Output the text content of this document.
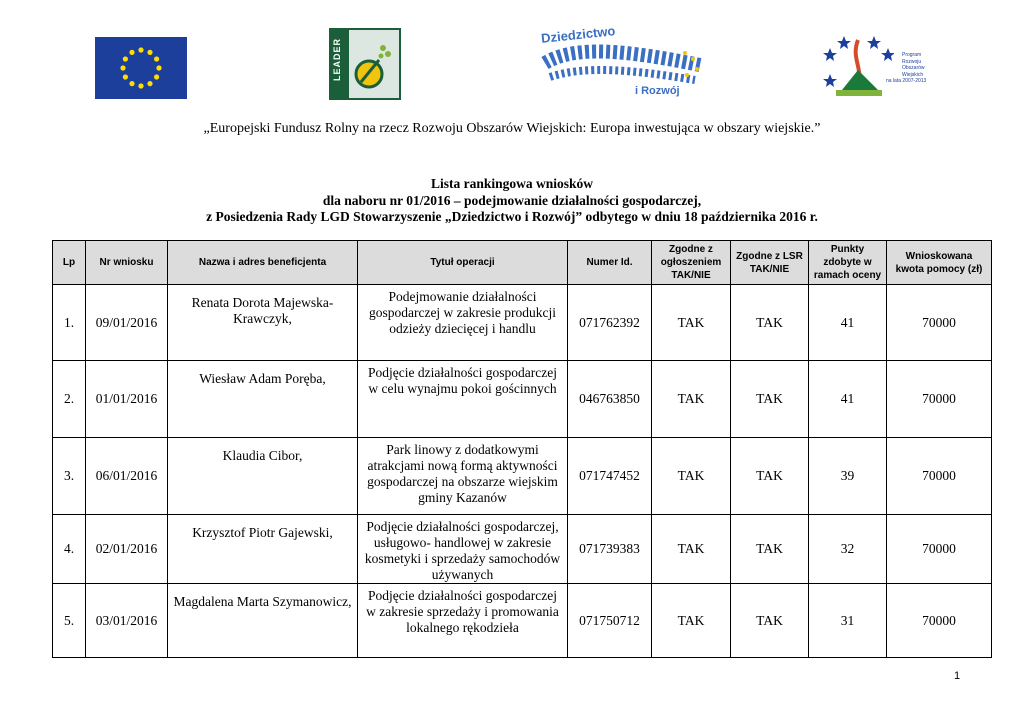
LEADER
Dziedzictwo
i Rozwój
Program
Rozwoju
Obszarów
Wiejskich
na lata 2007-2013
„Europejski Fundusz Rolny na rzecz Rozwoju Obszarów Wiejskich: Europa inwestująca w obszary wiejskie.”
Lista rankingowa wniosków
dla naboru nr 01/2016 – podejmowanie działalności gospodarczej,
z Posiedzenia Rady LGD Stowarzyszenie „Dziedzictwo i Rozwój” odbytego w dniu 18 października 2016 r.
Lp	Nr wniosku	Nazwa i adres beneficjenta	Tytuł operacji	Numer Id.	Zgodne z ogłoszeniem TAK/NIE	Zgodne z LSR TAK/NIE	Punkty zdobyte w ramach oceny	Wnioskowana kwota pomocy (zł)
1.	09/01/2016	Renata Dorota Majewska-Krawczyk,	Podejmowanie działalności gospodarczej w zakresie produkcji odzieży dziecięcej i handlu	071762392	TAK	TAK	41	70000
2.	01/01/2016	Wiesław Adam Poręba,	Podjęcie działalności gospodarczej w celu wynajmu pokoi gościnnych	046763850	TAK	TAK	41	70000
3.	06/01/2016	Klaudia Cibor,	Park linowy z dodatkowymi atrakcjami nową formą aktywności gospodarczej na obszarze wiejskim gminy Kazanów	071747452	TAK	TAK	39	70000
4.	02/01/2016	Krzysztof Piotr Gajewski,	Podjęcie działalności gospodarczej, usługowo- handlowej w zakresie kosmetyki i sprzedaży samochodów używanych	071739383	TAK	TAK	32	70000
5.	03/01/2016	Magdalena Marta Szymanowicz,	Podjęcie działalności gospodarczej w zakresie sprzedaży i promowania lokalnego rękodzieła	071750712	TAK	TAK	31	70000
1
